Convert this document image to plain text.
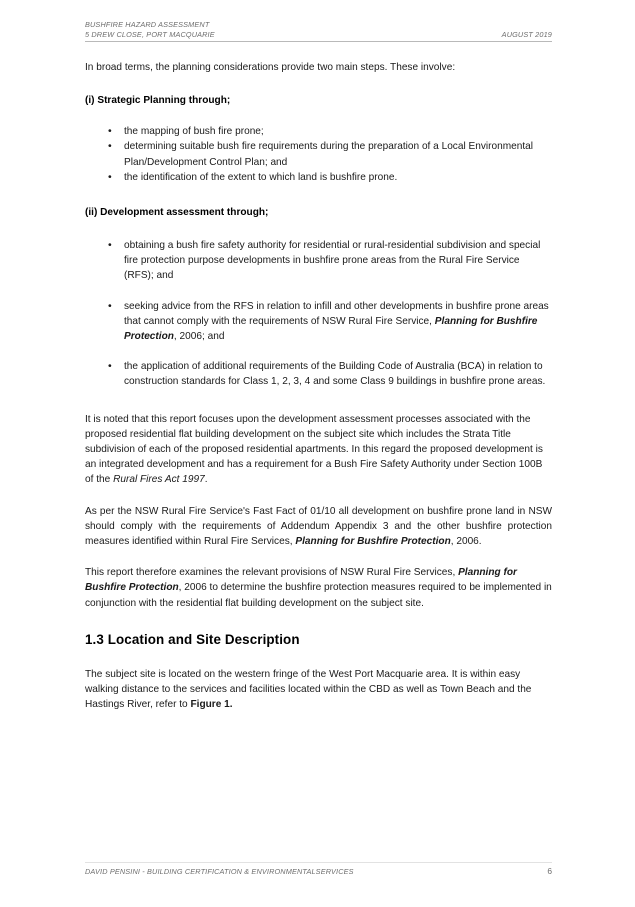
BUSHFIRE HAZARD ASSESSMENT
5 DREW CLOSE, PORT MACQUARIE	AUGUST 2019

In broad terms, the planning considerations provide two main steps. These involve:

(i) Strategic Planning through;
• the mapping of bush fire prone;
• determining suitable bush fire requirements during the preparation of a Local Environmental Plan/Development Control Plan; and
• the identification of the extent to which land is bushfire prone.
(ii) Development assessment through;
• obtaining a bush fire safety authority for residential or rural-residential subdivision and special fire protection purpose developments in bushfire prone areas from the Rural Fire Service (RFS); and
• seeking advice from the RFS in relation to infill and other developments in bushfire prone areas that cannot comply with the requirements of NSW Rural Fire Service, Planning for Bushfire Protection, 2006; and
• the application of additional requirements of the Building Code of Australia (BCA) in relation to construction standards for Class 1, 2, 3, 4 and some Class 9 buildings in bushfire prone areas.

It is noted that this report focuses upon the development assessment processes associated with the proposed residential flat building development on the subject site which includes the Strata Title subdivision of each of the proposed residential apartments. In this regard the proposed development is an integrated development and has a requirement for a Bush Fire Safety Authority under Section 100B of the Rural Fires Act 1997.

As per the NSW Rural Fire Service's Fast Fact of 01/10 all development on bushfire prone land in NSW should comply with the requirements of Addendum Appendix 3 and the other bushfire protection measures identified within Rural Fire Services, Planning for Bushfire Protection, 2006.

This report therefore examines the relevant provisions of NSW Rural Fire Services, Planning for Bushfire Protection, 2006 to determine the bushfire protection measures required to be implemented in conjunction with the residential flat building development on the subject site.

1.3 Location and Site Description

The subject site is located on the western fringe of the West Port Macquarie area. It is within easy walking distance to the services and facilities located within the CBD as well as Town Beach and the Hastings River, refer to Figure 1.

DAVID PENSINI - BUILDING CERTIFICATION & ENVIRONMENTALSERVICES	6
